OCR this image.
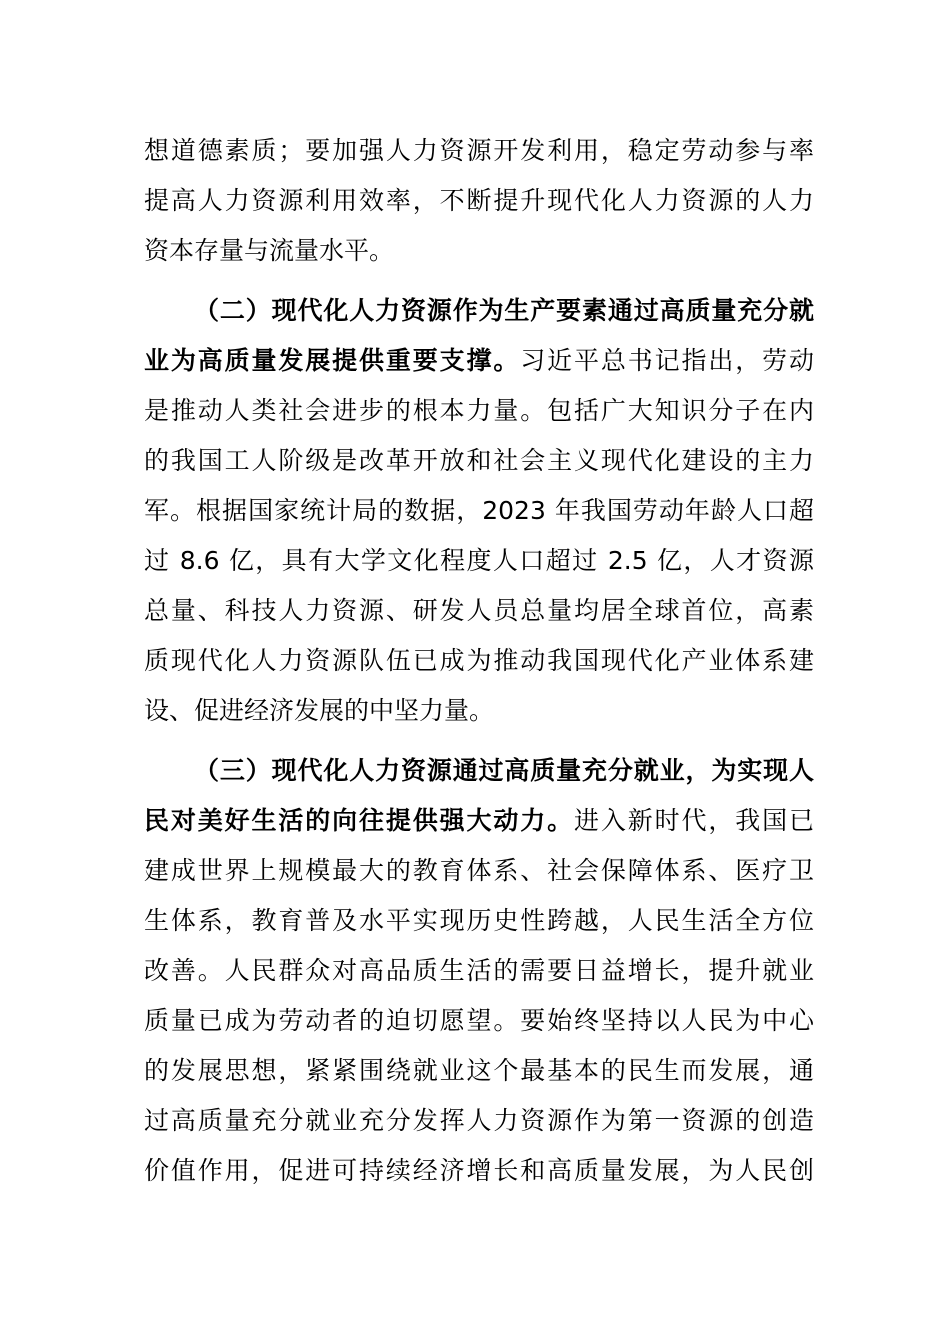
想道德素质；要加强人力资源开发利用，稳定劳动参与率
提高人力资源利用效率，不断提升现代化人力资源的人力
资本存量与流量水平。
（二）现代化人力资源作为生产要素通过高质量充分就
业为高质量发展提供重要支撑。习近平总书记指出，劳动
是推动人类社会进步的根本力量。包括广大知识分子在内
的我国工人阶级是改革开放和社会主义现代化建设的主力
军。根据国家统计局的数据，2023 年我国劳动年龄人口超
过 8.6 亿，具有大学文化程度人口超过 2.5 亿，人才资源
总量、科技人力资源、研发人员总量均居全球首位，高素
质现代化人力资源队伍已成为推动我国现代化产业体系建
设、促进经济发展的中坚力量。
（三）现代化人力资源通过高质量充分就业，为实现人
民对美好生活的向往提供强大动力。进入新时代，我国已
建成世界上规模最大的教育体系、社会保障体系、医疗卫
生体系，教育普及水平实现历史性跨越，人民生活全方位
改善。人民群众对高品质生活的需要日益增长，提升就业
质量已成为劳动者的迫切愿望。要始终坚持以人民为中心
的发展思想，紧紧围绕就业这个最基本的民生而发展，通
过高质量充分就业充分发挥人力资源作为第一资源的创造
价值作用，促进可持续经济增长和高质量发展，为人民创
